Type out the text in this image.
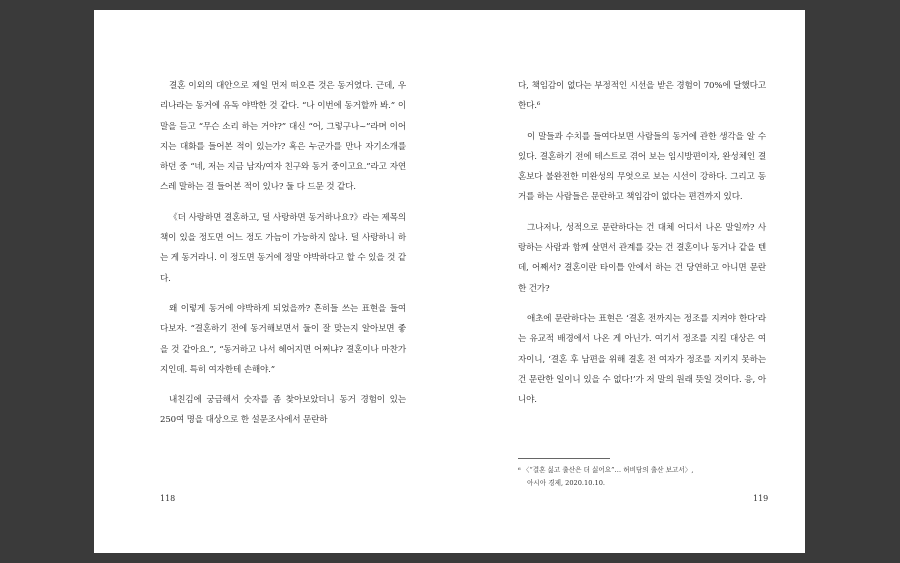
결혼 이외의 대안으로 제일 먼저 떠오른 것은 동거였다. 근데, 우리나라는 동거에 유독 야박한 것 같다. “나 이번에 동거할까 봐.” 이 말을 듣고 “무슨 소리 하는 거야?” 대신 “어, 그렇구나~”라며 이어지는 대화를 들어본 적이 있는가? 혹은 누군가를 만나 자기소개를 하던 중 “네, 저는 지금 남자/여자 친구와 동거 중이고요.”라고 자연스레 말하는 걸 들어본 적이 있나? 둘 다 드문 것 같다.

《더 사랑하면 결혼하고, 덜 사랑하면 동거하나요?》라는 제목의 책이 있을 정도면 어느 정도 가늠이 가능하지 않나. 덜 사랑하니 하는 게 동거라니. 이 정도면 동거에 정말 야박하다고 할 수 있을 것 같다.

왜 이렇게 동거에 야박하게 되었을까? 흔히들 쓰는 표현을 들여다보자. “결혼하기 전에 동거해보면서 둘이 잘 맞는지 알아보면 좋을 것 같아요.”, “동거하고 나서 헤어지면 어쩌냐? 결혼이나 마찬가지인데. 특히 여자한테 손해야.”

내친김에 궁금해서 숫자를 좀 찾아보았더니 동거 경험이 있는 250여 명을 대상으로 한 설문조사에서 문란하

118

다, 책임감이 없다는 부정적인 시선을 받은 경험이 70%에 달했다고 한다.⁶

이 말들과 수치를 들여다보면 사람들의 동거에 관한 생각을 알 수 있다. 결혼하기 전에 테스트로 겪어 보는 임시방편이자, 완성체인 결혼보다 불완전한 미완성의 무엇으로 보는 시선이 강하다. 그리고 동거를 하는 사람들은 문란하고 책임감이 없다는 편견까지 있다.

그나저나, 성적으로 문란하다는 건 대체 어디서 나온 말일까? 사랑하는 사람과 함께 살면서 관계를 갖는 건 결혼이나 동거나 같을 텐데, 어째서? 결혼이란 타이틀 안에서 하는 건 당연하고 아니면 문란한 건가?

애초에 문란하다는 표현은 ‘결혼 전까지는 정조를 지켜야 한다’라는 유교적 배경에서 나온 게 아닌가. 여기서 정조를 지킬 대상은 여자이니, ‘결혼 후 남편을 위해 결혼 전 여자가 정조를 지키지 못하는 건 문란한 일이니 있을 수 없다!’가 저 말의 원래 뜻일 것이다. 응, 아니야.

⁶ 〈“결혼 싫고 출산은 더 싫어요”… 허비담의 출산 보고서〉,
아시아 경제, 2020.10.10.
119
